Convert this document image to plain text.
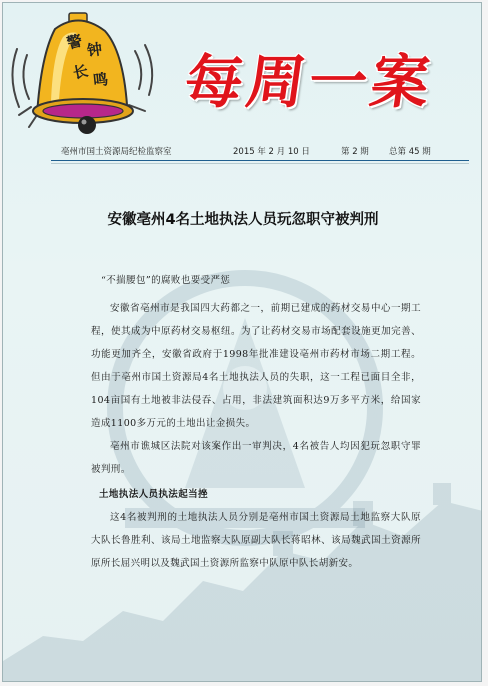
警 钟
长 鸣 每周一案
亳州市国土资源局纪检监察室	2015 年 2 月 10 日	第 2 期 总第 45 期
安徽亳州4名土地执法人员玩忽职守被判刑

“不揣腰包”的腐败也要受严惩

安徽省亳州市是我国四大药都之一，前期已建成的药材交易中心一期工程，使其成为中原药材交易枢纽。为了让药材交易市场配套设施更加完善、功能更加齐全，安徽省政府于1998年批准建设亳州市药材市场二期工程。但由于亳州市国土资源局4名土地执法人员的失职，这一工程已面目全非，104亩国有土地被非法侵吞、占用，非法建筑面积达9万多平方米，给国家造成1100多万元的土地出让金损失。

亳州市谯城区法院对该案作出一审判决，4名被告人均因犯玩忽职守罪被判刑。

土地执法人员执法起当挫

这4名被判刑的土地执法人员分别是亳州市国土资源局土地监察大队原大队长鲁胜利、该局土地监察大队原副大队长蒋昭林、该局魏武国土资源所原所长屈兴明以及魏武国土资源所监察中队原中队长胡新安。
